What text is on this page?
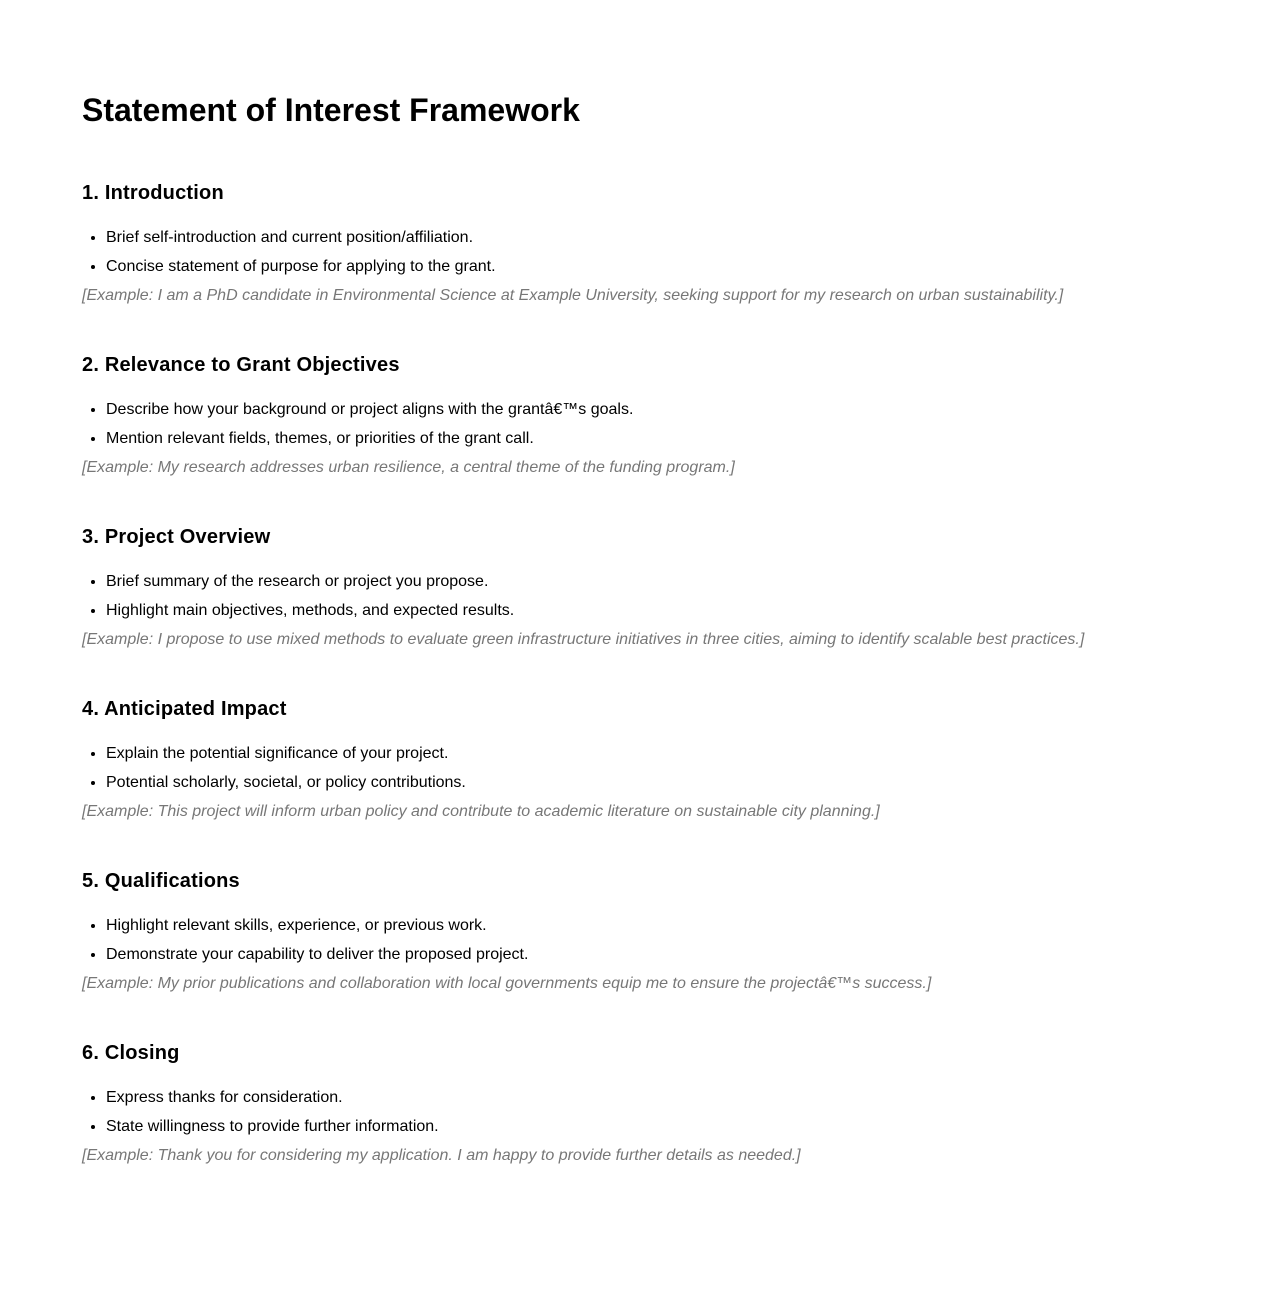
Statement of Interest Framework
1. Introduction
• Brief self-introduction and current position/affiliation.
• Concise statement of purpose for applying to the grant.

[Example: I am a PhD candidate in Environmental Science at Example University, seeking support for my research on urban sustainability.]

2. Relevance to Grant Objectives
• Describe how your background or project aligns with the grantâ€™s goals.
• Mention relevant fields, themes, or priorities of the grant call.

[Example: My research addresses urban resilience, a central theme of the funding program.]

3. Project Overview
• Brief summary of the research or project you propose.
• Highlight main objectives, methods, and expected results.

[Example: I propose to use mixed methods to evaluate green infrastructure initiatives in three cities, aiming to identify scalable best practices.]

4. Anticipated Impact
• Explain the potential significance of your project.
• Potential scholarly, societal, or policy contributions.

[Example: This project will inform urban policy and contribute to academic literature on sustainable city planning.]

5. Qualifications
• Highlight relevant skills, experience, or previous work.
• Demonstrate your capability to deliver the proposed project.

[Example: My prior publications and collaboration with local governments equip me to ensure the projectâ€™s success.]

6. Closing
• Express thanks for consideration.
• State willingness to provide further information.

[Example: Thank you for considering my application. I am happy to provide further details as needed.]
